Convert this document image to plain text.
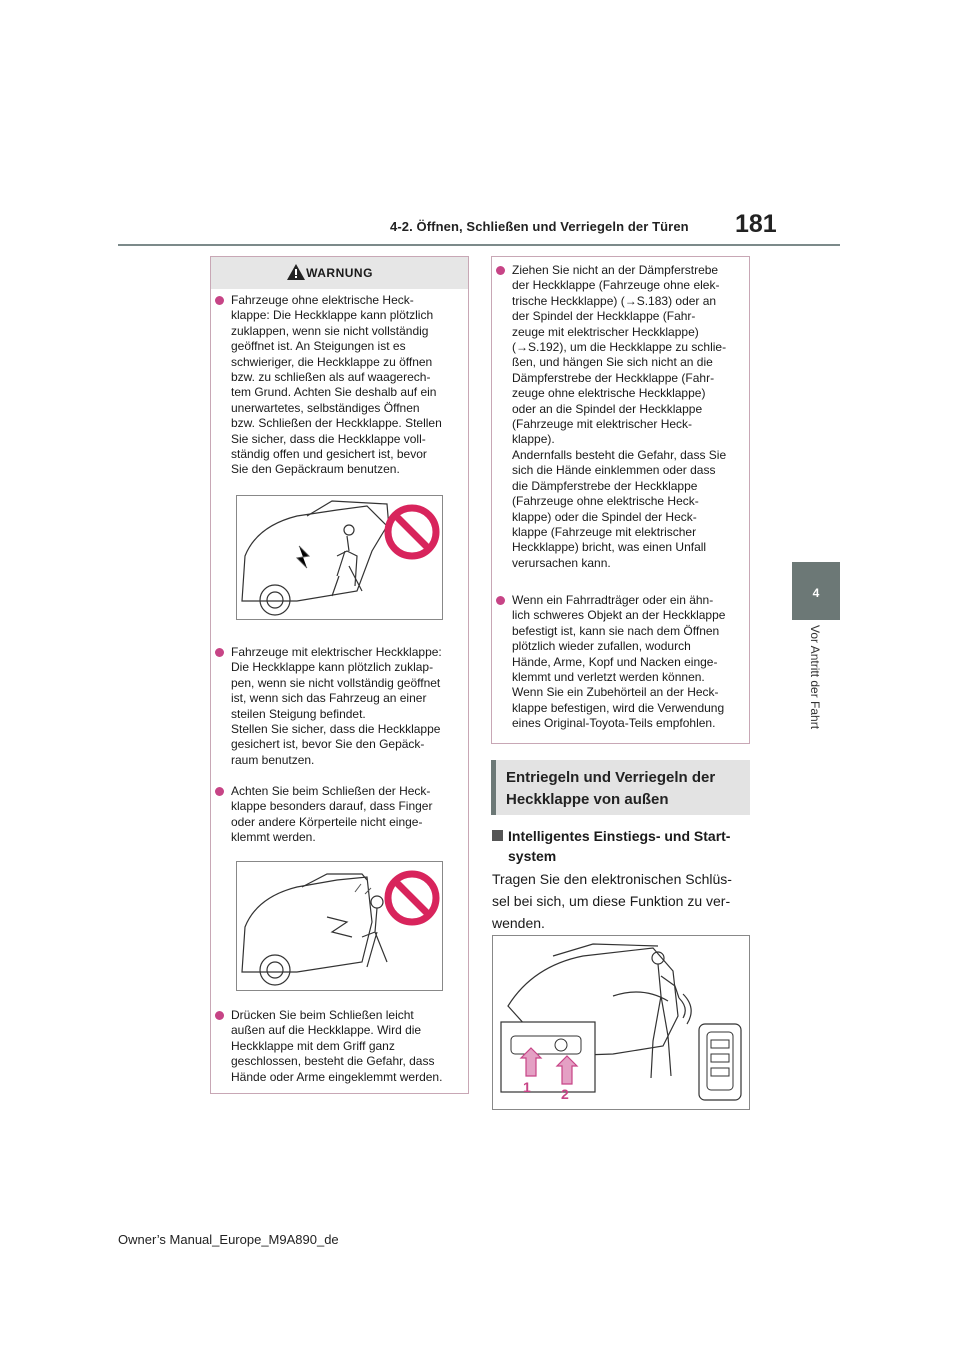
4-2. Öffnen, Schließen und Verriegeln der Türen 181
4
Vor Antritt der Fahrt
WARNUNG
Fahrzeuge ohne elektrische Heck-
klappe: Die Heckklappe kann plötzlich
zuklappen, wenn sie nicht vollständig
geöffnet ist. An Steigungen ist es
schwieriger, die Heckklappe zu öffnen
bzw. zu schließen als auf waagerech-
tem Grund. Achten Sie deshalb auf ein
unerwartetes, selbständiges Öffnen
bzw. Schließen der Heckklappe. Stellen
Sie sicher, dass die Heckklappe voll-
ständig offen und gesichert ist, bevor
Sie den Gepäckraum benutzen.
Fahrzeuge mit elektrischer Heckklappe:
Die Heckklappe kann plötzlich zuklap-
pen, wenn sie nicht vollständig geöffnet
ist, wenn sich das Fahrzeug an einer
steilen Steigung befindet.
Stellen Sie sicher, dass die Heckklappe
gesichert ist, bevor Sie den Gepäck-
raum benutzen.
Achten Sie beim Schließen der Heck-
klappe besonders darauf, dass Finger
oder andere Körperteile nicht einge-
klemmt werden.
Drücken Sie beim Schließen leicht
außen auf die Heckklappe. Wird die
Heckklappe mit dem Griff ganz
geschlossen, besteht die Gefahr, dass
Hände oder Arme eingeklemmt werden.
Ziehen Sie nicht an der Dämpferstrebe
der Heckklappe (Fahrzeuge ohne elek-
trische Heckklappe) (→S.183) oder an
der Spindel der Heckklappe (Fahr-
zeuge mit elektrischer Heckklappe)
(→S.192), um die Heckklappe zu schlie-
ßen, und hängen Sie sich nicht an die
Dämpferstrebe der Heckklappe (Fahr-
zeuge ohne elektrische Heckklappe)
oder an die Spindel der Heckklappe
(Fahrzeuge mit elektrischer Heck-
klappe).
Andernfalls besteht die Gefahr, dass Sie
sich die Hände einklemmen oder dass
die Dämpferstrebe der Heckklappe
(Fahrzeuge ohne elektrische Heck-
klappe) oder die Spindel der Heck-
klappe (Fahrzeuge mit elektrischer
Heckklappe) bricht, was einen Unfall
verursachen kann.
Wenn ein Fahrradträger oder ein ähn-
lich schweres Objekt an der Heckklappe
befestigt ist, kann sie nach dem Öffnen
plötzlich wieder zufallen, wodurch
Hände, Arme, Kopf und Nacken einge-
klemmt und verletzt werden können.
Wenn Sie ein Zubehörteil an der Heck-
klappe befestigen, wird die Verwendung
eines Original-Toyota-Teils empfohlen.
Entriegeln und Verriegeln der
Heckklappe von außen
Intelligentes Einstiegs- und Start-
system
Tragen Sie den elektronischen Schlüs-
sel bei sich, um diese Funktion zu ver-
wenden.
1 2
Owner’s Manual_Europe_M9A890_de
